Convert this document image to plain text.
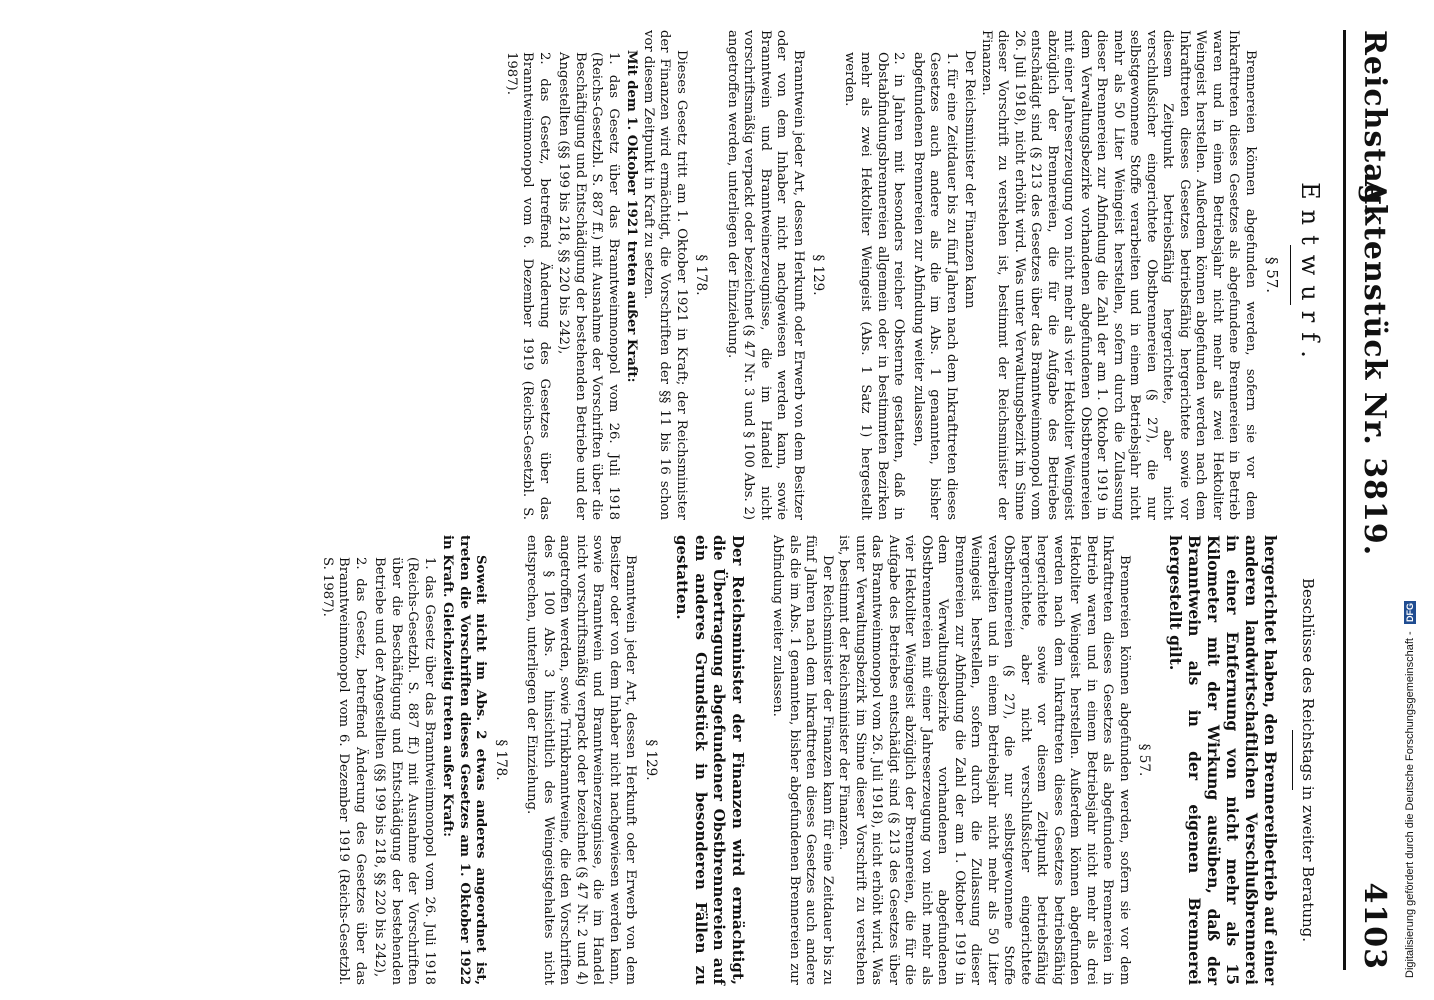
Reichstag.
Aktenstück Nr. 3819.
4103
Entwurf.
§ 57.

Brennereien können abgefunden werden, sofern sie vor dem Inkrafttreten dieses Gesetzes als abgefundene Brennereien in Betrieb waren und in einem Betriebsjahr nicht mehr als zwei Hektoliter Weingeist herstellen. Außerdem können abgefunden werden nach dem Inkrafttreten dieses Gesetzes betriebsfähig hergerichtete sowie vor diesem Zeitpunkt betriebsfähig hergerichtete, aber nicht verschlußsicher eingerichtete Obstbrennereien (§ 27), die nur selbstgewonnene Stoffe verarbeiten und in einem Betriebsjahr nicht mehr als 50 Liter Weingeist herstellen, sofern durch die Zulassung dieser Brennereien zur Abfindung die Zahl der am 1. Oktober 1919 in dem Verwaltungsbezirke vorhandenen abgefundenen Obstbrennereien mit einer Jahreserzeugung von nicht mehr als vier Hektoliter Weingeist abzüglich der Brennereien, die für die Aufgabe des Betriebes entschädigt sind (§ 213 des Gesetzes über das Branntweinmonopol vom 26. Juli 1918), nicht erhöht wird. Was unter Verwaltungsbezirk im Sinne dieser Vorschrift zu verstehen ist, bestimmt der Reichsminister der Finanzen.

Der Reichsminister der Finanzen kann

1. für eine Zeitdauer bis zu fünf Jahren nach dem Inkrafttreten dieses Gesetzes auch andere als die im Abs. 1 genannten, bisher abgefundenen Brennereien zur Abfindung weiter zulassen,
2. in Jahren mit besonders reicher Obsternte gestatten, daß in Obstabfindungsbrennereien allgemein oder in bestimmten Bezirken mehr als zwei Hektoliter Weingeist (Abs. 1 Satz 1) hergestellt werden.
§ 129.

Branntwein jeder Art, dessen Herkunft oder Erwerb von dem Besitzer oder von dem Inhaber nicht nachgewiesen werden kann, sowie Branntwein und Branntweinerzeugnisse, die im Handel nicht vorschriftsmäßig verpackt oder bezeichnet (§ 47 Nr. 3 und § 100 Abs. 2) angetroffen werden, unterliegen der Einziehung.

§ 178.

Dieses Gesetz tritt am 1. Oktober 1921 in Kraft; der Reichsminister der Finanzen wird ermächtigt, die Vorschriften der §§ 11 bis 16 schon vor diesem Zeitpunkt in Kraft zu setzen.

Mit dem 1. Oktober 1921 treten außer Kraft:

1. das Gesetz über das Branntweinmonopol vom 26. Juli 1918 (Reichs-Gesetzbl. S. 887 ff.) mit Ausnahme der Vorschriften über die Beschäftigung und Entschädigung der bestehenden Betriebe und der Angestellten (§§ 199 bis 218, §§ 220 bis 242),
2. das Gesetz, betreffend Änderung des Gesetzes über das Branntweinmonopol vom 6. Dezember 1919 (Reichs-Gesetzbl. S. 1987).
Beschlüsse des Reichstags in zweiter Beratung.

hergerichtet haben, den Brennereibetrieb auf einer anderen landwirtschaftlichen Verschlußbrennerei in einer Entfernung von nicht mehr als 15 Kilometer mit der Wirkung ausüben, daß der Branntwein als in der eigenen Brennerei hergestellt gilt.

§ 57.

Brennereien können abgefunden werden, sofern sie vor dem Inkrafttreten dieses Gesetzes als abgefundene Brennereien in Betrieb waren und in einem Betriebsjahr nicht mehr als drei Hektoliter Weingeist herstellen. Außerdem können abgefunden werden nach dem Inkrafttreten dieses Gesetzes betriebsfähig hergerichtete sowie vor diesem Zeitpunkt betriebsfähig hergerichtete, aber nicht verschlußsicher eingerichtete Obstbrennereien (§ 27), die nur selbstgewonnene Stoffe verarbeiten und in einem Betriebsjahr nicht mehr als 50 Liter Weingeist herstellen, sofern durch die Zulassung dieser Brennereien zur Abfindung die Zahl der am 1. Oktober 1919 in dem Verwaltungsbezirke vorhandenen abgefundenen Obstbrennereien mit einer Jahreserzeugung von nicht mehr als vier Hektoliter Weingeist abzüglich der Brennereien, die für die Aufgabe des Betriebes entschädigt sind (§ 213 des Gesetzes über das Branntweinmonopol vom 26. Juli 1918), nicht erhöht wird. Was unter Verwaltungsbezirk im Sinne dieser Vorschrift zu verstehen ist, bestimmt der Reichsminister der Finanzen.

Der Reichsminister der Finanzen kann für eine Zeitdauer bis zu fünf Jahren nach dem Inkrafttreten dieses Gesetzes auch andere als die im Abs. 1 genannten, bisher abgefundenen Brennereien zur Abfindung weiter zulassen.

Der Reichsminister der Finanzen wird ermächtigt, die Übertragung abgefundener Obstbrennereien auf ein anderes Grundstück in besonderen Fällen zu gestatten.

§ 129.

Branntwein jeder Art, dessen Herkunft oder Erwerb von dem Besitzer oder von dem Inhaber nicht nachgewiesen werden kann, sowie Branntwein und Branntweinerzeugnisse, die im Handel nicht vorschriftsmäßig verpackt oder bezeichnet (§ 47 Nr. 2 und 4) angetroffen werden, sowie Trinkbranntweine, die den Vorschriften des § 100 Abs. 3 hinsichtlich des Weingeistgehaltes nicht entsprechen, unterliegen der Einziehung.

§ 178.

Soweit nicht im Abs. 2 etwas anderes angeordnet ist, treten die Vorschriften dieses Gesetzes am 1. Oktober 1922 in Kraft. Gleichzeitig treten außer Kraft:

1. das Gesetz über das Branntweinmonopol vom 26. Juli 1918 (Reichs-Gesetzbl. S. 887 ff.) mit Ausnahme der Vorschriften über die Beschäftigung und Entschädigung der bestehenden Betriebe und der Angestellten (§§ 199 bis 218, §§ 220 bis 242),
2. das Gesetz, betreffend Änderung des Gesetzes über das Branntweinmonopol vom 6. Dezember 1919 (Reichs-Gesetzbl. S. 1987).
Digitalisierung gefördert durch die Deutsche Forschungsgemeinschaft - DFG
